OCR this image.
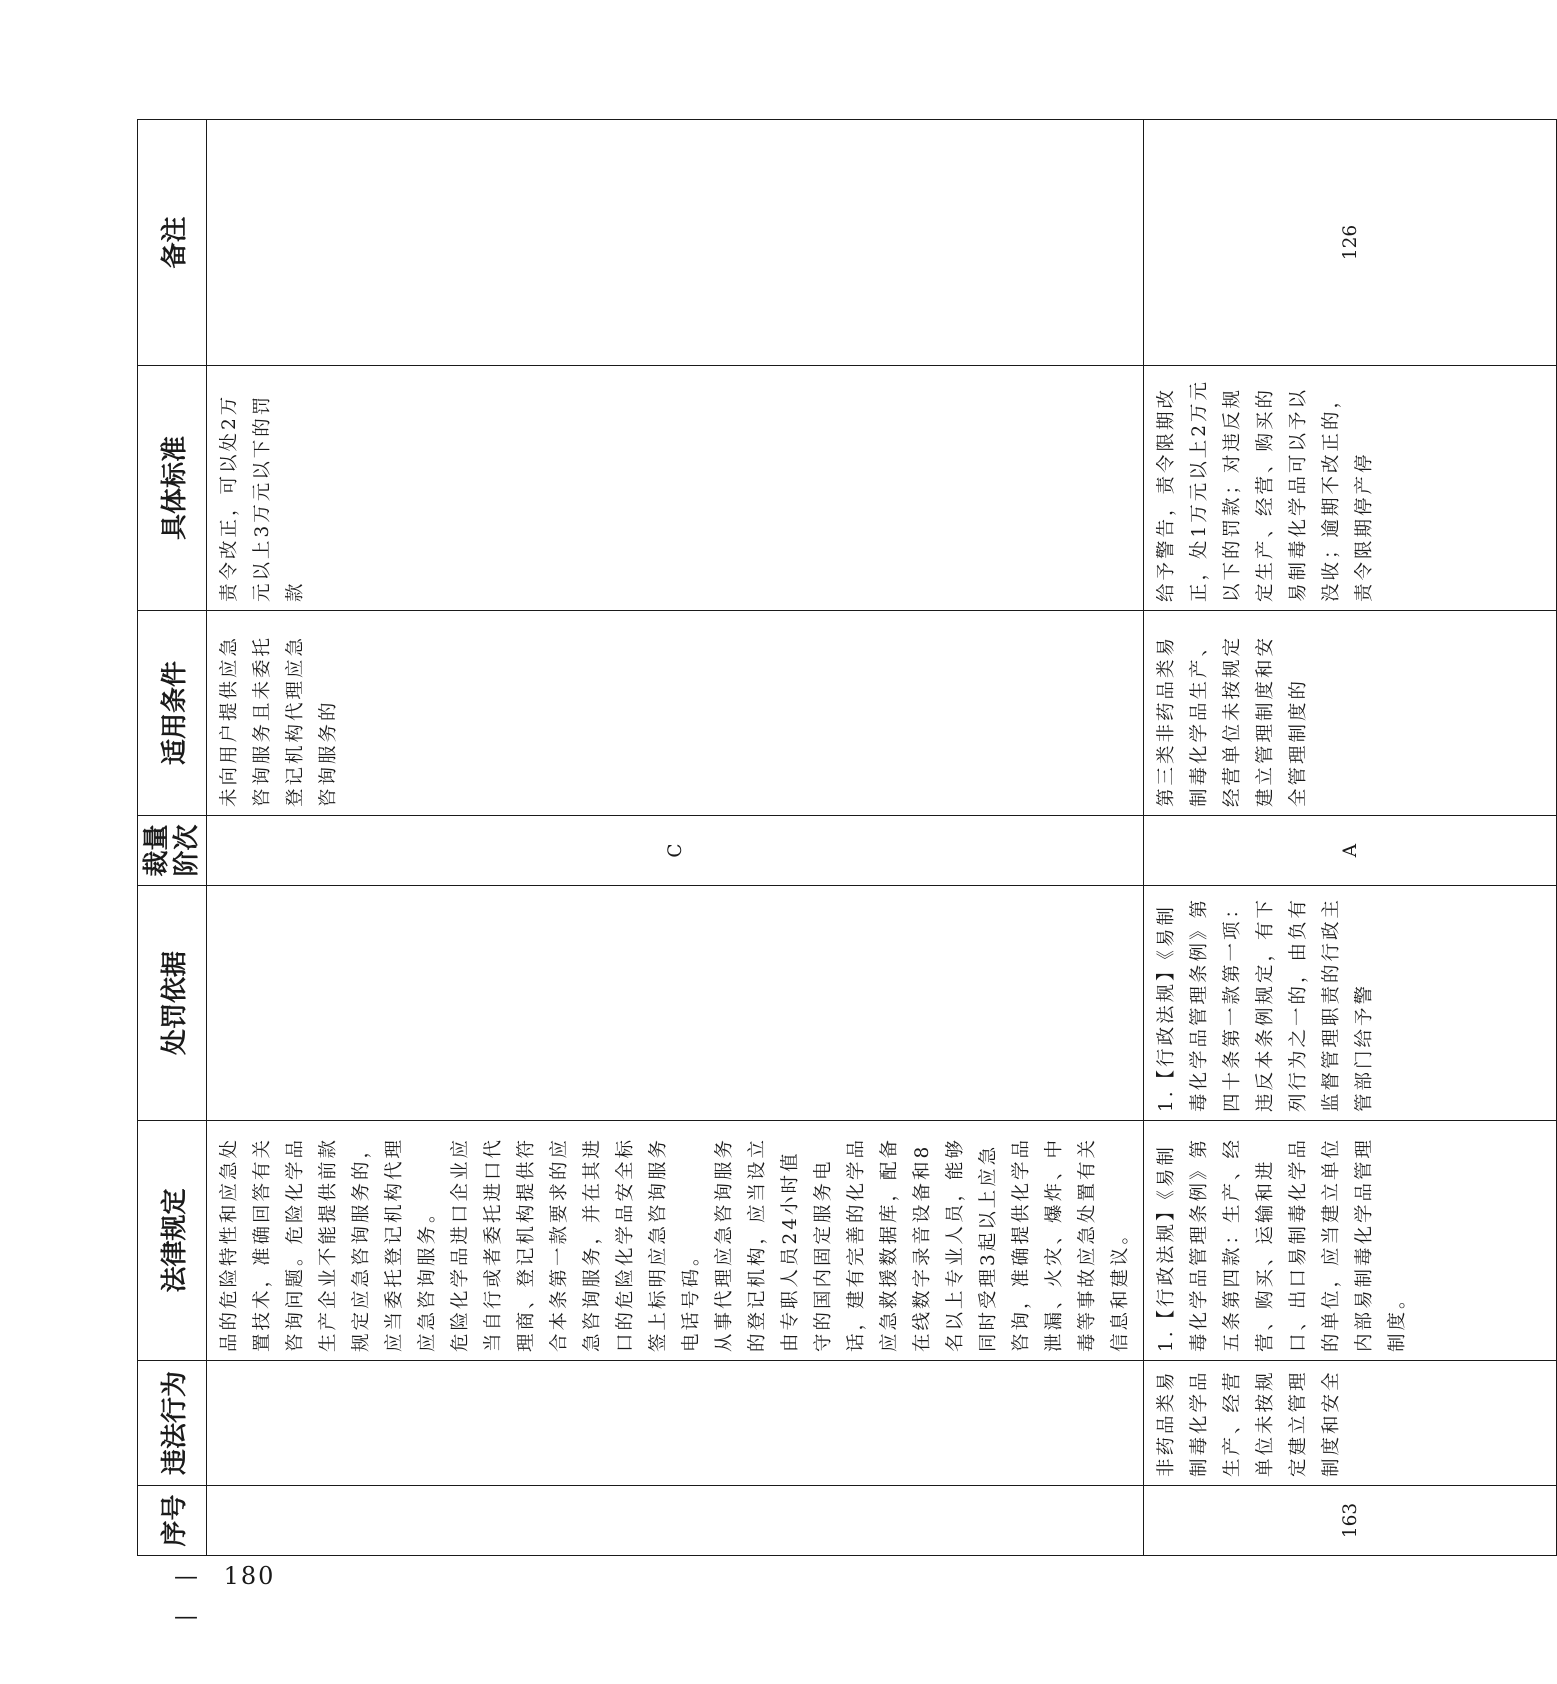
序号	违法行为	法律规定	处罚依据	裁量阶次	适用条件	具体标准	备注

		品的危险特性和应急处置技术，准确回答有关咨询问题。危险化学品生产企业不能提供前款规定应急咨询服务的，应当委托登记机构代理应急咨询服务。 危险化学品进口企业应当自行或者委托进口代理商、登记机构提供符合本条第一款要求的应急咨询服务，并在其进口的危险化学品安全标签上标明应急咨询服务电话号码。 从事代理应急咨询服务的登记机构，应当设立由专职人员24小时值守的国内固定服务电话，建有完善的化学品应急救援数据库，配备在线数字录音设备和8名以上专业人员，能够同时受理3起以上应急咨询，准确提供化学品泄漏、火灾、爆炸、中毒等事故应急处置有关信息和建议。		C	未向用户提供应急咨询服务且未委托登记机构代理应急咨询服务的	责令改正，可以处2万元以上3万元以下的罚款	
163	非药品类易制毒化学品生产、经营单位未按规定建立管理制度和安全	1.【行政法规】《易制毒化学品管理条例》第五条第四款：生产、经营、购买、运输和进口、出口易制毒化学品的单位，应当建立单位内部易制毒化学品管理制度。	1.【行政法规】《易制毒化学品管理条例》第四十条第一款第一项：违反本条例规定，有下列行为之一的，由负有监督管理职责的行政主管部门给予警	A	第三类非药品类易制毒化学品生产、经营单位未按规定建立管理制度和安全管理制度的	给予警告，责令限期改正，处1万元以上2万元以下的罚款；对违反规定生产、经营、购买的易制毒化学品可以予以没收；逾期不改正的，责令限期停产停	126
— 180 —
